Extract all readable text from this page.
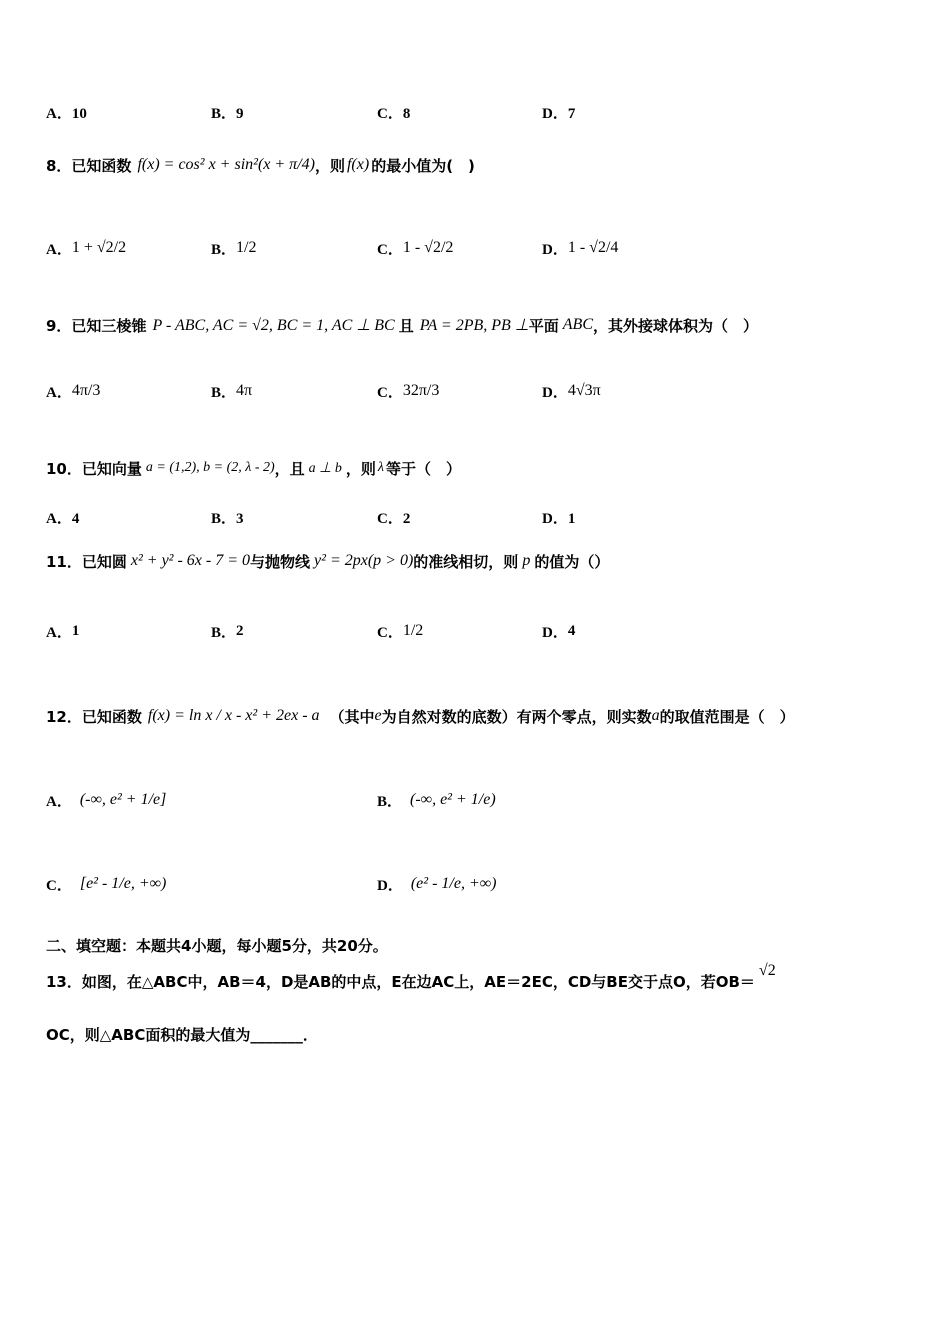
A．10	B．9	C．8	D．7
8．已知函数 f(x) = cos² x + sin²(x + π/4) ，则 f(x) 的最小值为(　)
A． 1 + √2/2	B． 1/2	C． 1 - √2/2	D． 1 - √2/4
9．已知三棱锥 P - ABC, AC = √2, BC = 1, AC ⊥ BC 且 PA = 2PB, PB ⊥ 平面 ABC ，其外接球体积为（　）
A． 4π/3	B． 4π	C． 32π/3	D． 4√3π
10．已知向量 a = (1,2), b = (2, λ - 2) ，且 a ⊥ b ，则 λ 等于（　）
A．4	B．3	C．2	D．1
11．已知圆 x² + y² - 6x - 7 = 0 与抛物线 y² = 2px(p > 0) 的准线相切，则 p 的值为（）
A． 1	B． 2	C． 1/2	D． 4
12．已知函数 f(x) = ln x / x - x² + 2ex - a （其中 e 为自然对数的底数）有两个零点，则实数 a 的取值范围是（　）
A． (-∞, e² + 1/e]	B． (-∞, e² + 1/e)
C． [e² - 1/e, +∞)	D． (e² - 1/e, +∞)
二、填空题：本题共4小题，每小题5分，共20分。
13．如图，在△ABC中，AB＝4，D是AB的中点，E在边AC上，AE＝2EC，CD与BE交于点O，若OB＝
√2
OC，则△ABC面积的最大值为_______．
